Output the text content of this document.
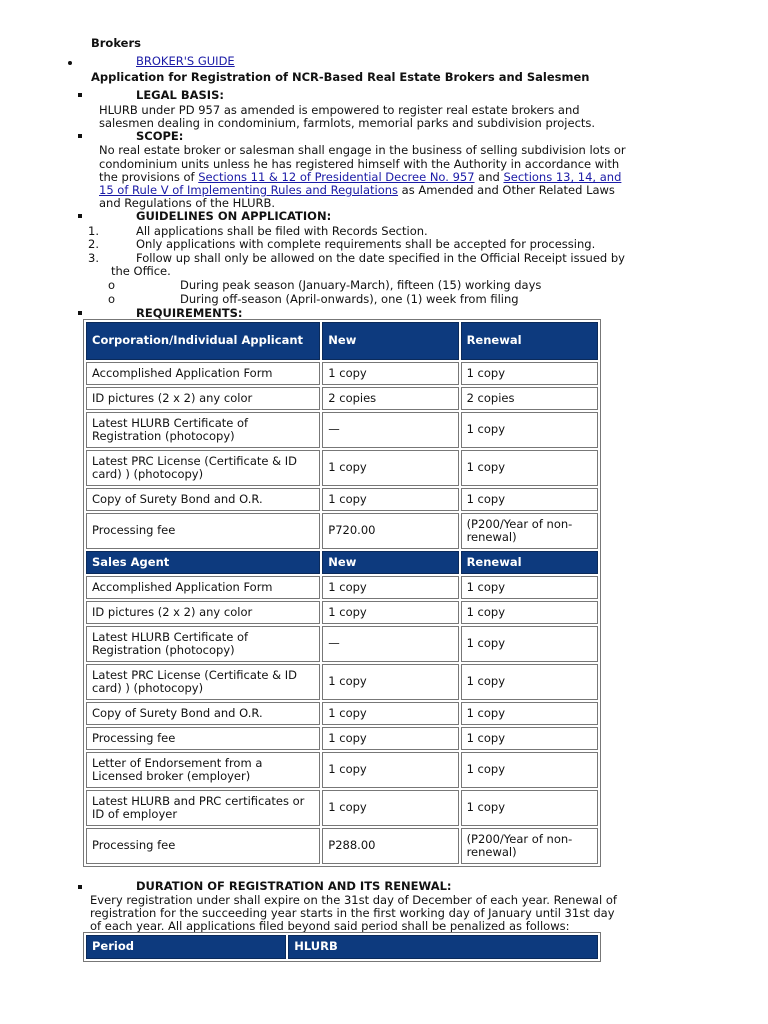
Brokers
BROKER'S GUIDE
Application for Registration of NCR-Based Real Estate Brokers and Salesmen
LEGAL BASIS:
HLURB under PD 957 as amended is empowered to register real estate brokers and
salesmen dealing in condominium, farmlots, memorial parks and subdivision projects.
SCOPE:
No real estate broker or salesman shall engage in the business of selling subdivision lots or
condominium units unless he has registered himself with the Authority in accordance with
the provisions of Sections 11 & 12 of Presidential Decree No. 957 and Sections 13, 14, and
15 of Rule V of Implementing Rules and Regulations as Amended and Other Related Laws
and Regulations of the HLURB.
GUIDELINES ON APPLICATION:
1.	All applications shall be filed with Records Section.
2.	Only applications with complete requirements shall be accepted for processing.
3.	Follow up shall only be allowed on the date specified in the Official Receipt issued by
the Office.
o	During peak season (January-March), fifteen (15) working days
o	During off-season (April-onwards), one (1) week from filing
REQUIREMENTS:
Corporation/Individual Applicant	New	Renewal
Accomplished Application Form	1 copy	1 copy
ID pictures (2 x 2) any color	2 copies	2 copies
Latest HLURB Certificate of Registration (photocopy)	—	1 copy
Latest PRC License (Certificate & ID card) ) (photocopy)	1 copy	1 copy
Copy of Surety Bond and O.R.	1 copy	1 copy
Processing fee	P720.00	(P200/Year of non-renewal)
Sales Agent	New	Renewal
Accomplished Application Form	1 copy	1 copy
ID pictures (2 x 2) any color	1 copy	1 copy
Latest HLURB Certificate of Registration (photocopy)	—	1 copy
Latest PRC License (Certificate & ID card) ) (photocopy)	1 copy	1 copy
Copy of Surety Bond and O.R.	1 copy	1 copy
Processing fee	1 copy	1 copy
Letter of Endorsement from a Licensed broker (employer)	1 copy	1 copy
Latest HLURB and PRC certificates or ID of employer	1 copy	1 copy
Processing fee	P288.00	(P200/Year of non-renewal)
DURATION OF REGISTRATION AND ITS RENEWAL:
Every registration under shall expire on the 31st day of December of each year. Renewal of
registration for the succeeding year starts in the first working day of January until 31st day
of each year. All applications filed beyond said period shall be penalized as follows:
Period	HLURB
